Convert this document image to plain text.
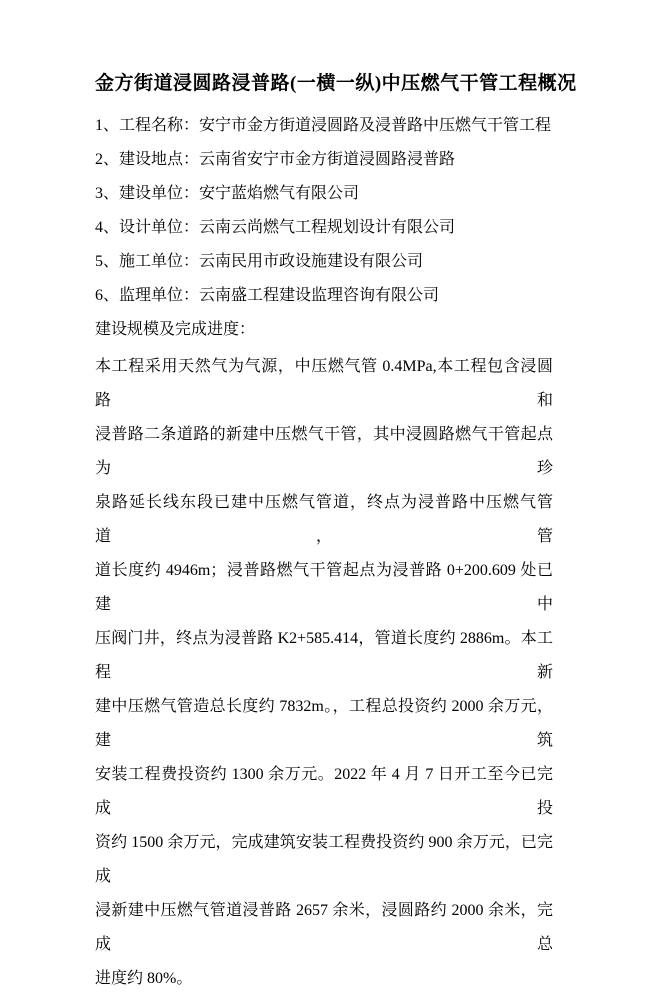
金方街道浸圆路浸普路(一横一纵)中压燃气干管工程概况
1、工程名称：安宁市金方街道浸圆路及浸普路中压燃气干管工程
2、建设地点：云南省安宁市金方街道浸圆路浸普路
3、建设单位：安宁蓝焰燃气有限公司
4、设计单位：云南云尚燃气工程规划设计有限公司
5、施工单位：云南民用市政设施建设有限公司
6、监理单位：云南盛工程建设监理咨询有限公司
建设规模及完成进度：
本工程采用天然气为气源，中压燃气管 0.4MPa,本工程包含浸圆路和
浸普路二条道路的新建中压燃气干管，其中浸圆路燃气干管起点为珍
泉路延长线东段已建中压燃气管道，终点为浸普路中压燃气管道，管
道长度约 4946m；浸普路燃气干管起点为浸普路 0+200.609 处已建中
压阀门井，终点为浸普路 K2+585.414，管道长度约 2886m。本工程新
建中压燃气管造总长度约 7832m。，工程总投资约 2000 余万元，建筑
安装工程费投资约 1300 余万元。2022 年 4 月 7 日开工至今已完成投
资约 1500 余万元，完成建筑安装工程费投资约 900 余万元，已完成
浸新建中压燃气管道浸普路 2657 余米，浸圆路约 2000 余米，完成总
进度约 80%。
